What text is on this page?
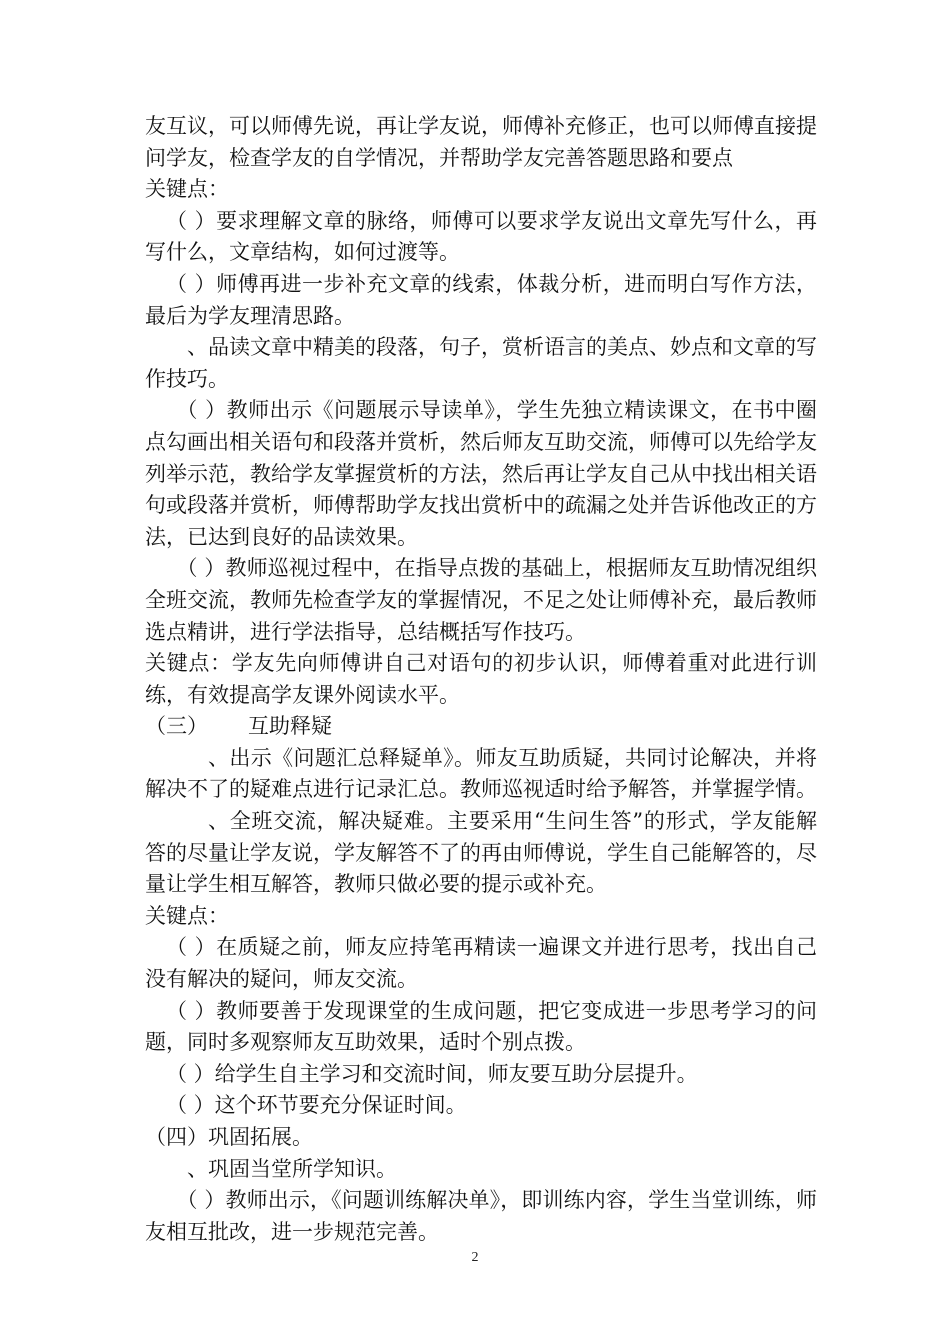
友互议，可以师傅先说，再让学友说，师傅补充修正，也可以师傅直接提问学友，检查学友的自学情况，并帮助学友完善答题思路和要点

关键点：

（ ）要求理解文章的脉络，师傅可以要求学友说出文章先写什么，再写什么，文章结构，如何过渡等。

（ ）师傅再进一步补充文章的线索，体裁分析，进而明白写作方法，最后为学友理清思路。

、品读文章中精美的段落，句子，赏析语言的美点、妙点和文章的写作技巧。

（ ）教师出示《问题展示导读单》，学生先独立精读课文，在书中圈点勾画出相关语句和段落并赏析，然后师友互助交流，师傅可以先给学友列举示范，教给学友掌握赏析的方法，然后再让学友自己从中找出相关语句或段落并赏析，师傅帮助学友找出赏析中的疏漏之处并告诉他改正的方法，已达到良好的品读效果。

（ ）教师巡视过程中，在指导点拨的基础上，根据师友互助情况组织全班交流，教师先检查学友的掌握情况，不足之处让师傅补充，最后教师选点精讲，进行学法指导，总结概括写作技巧。

关键点：学友先向师傅讲自己对语句的初步认识，师傅着重对此进行训练，有效提高学友课外阅读水平。

（三）      互助释疑

、出示《问题汇总释疑单》。师友互助质疑，共同讨论解决，并将解决不了的疑难点进行记录汇总。教师巡视适时给予解答，并掌握学情。

、全班交流，解决疑难。主要采用“生问生答”的形式，学友能解答的尽量让学友说，学友解答不了的再由师傅说，学生自己能解答的，尽量让学生相互解答，教师只做必要的提示或补充。

关键点：

（ ）在质疑之前，师友应持笔再精读一遍课文并进行思考，找出自己没有解决的疑问，师友交流。

（ ）教师要善于发现课堂的生成问题，把它变成进一步思考学习的问题，同时多观察师友互助效果，适时个别点拨。

（ ）给学生自主学习和交流时间，师友要互助分层提升。

（ ）这个环节要充分保证时间。

（四）巩固拓展。

、巩固当堂所学知识。

（ ）教师出示，《问题训练解决单》，即训练内容，学生当堂训练，师友相互批改，进一步规范完善。

2
